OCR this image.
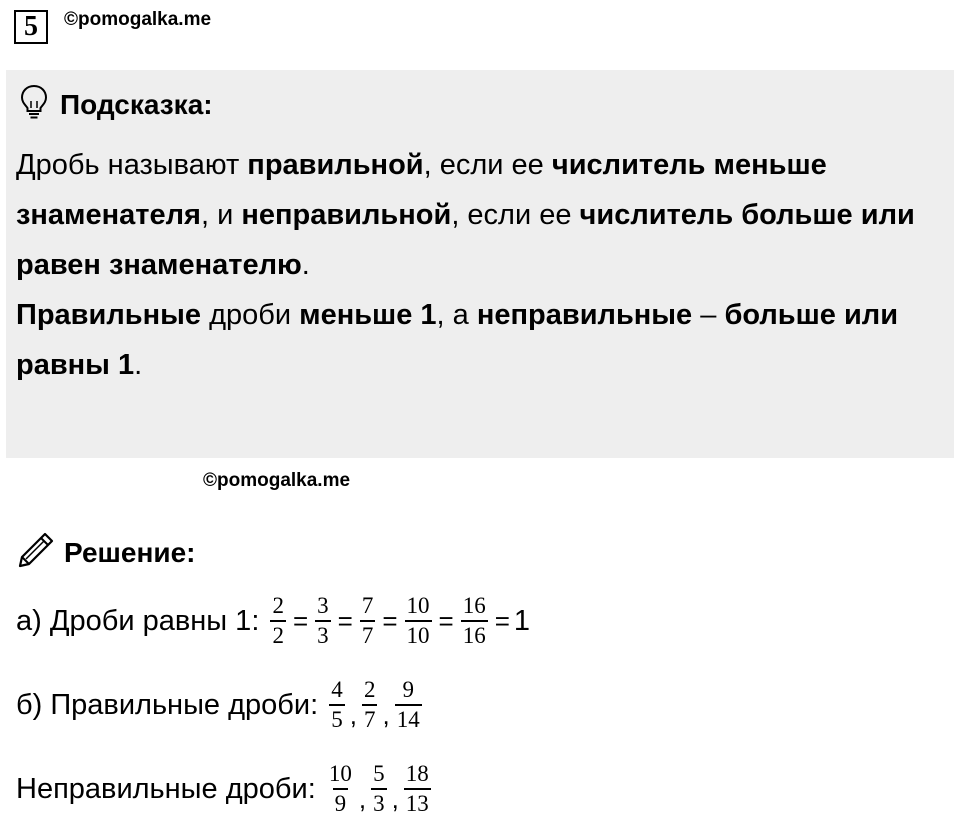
5 ©pomogalka.me
Подсказка:
Дробь называют правильной, если ее числитель меньше знаменателя, и неправильной, если ее числитель больше или равен знаменателю.
Правильные дроби меньше 1, а неправильные – больше или равны 1.
©pomogalka.me
Решение:
а) Дроби равны 1: $\frac{2}{2} = \frac{3}{3} = \frac{7}{7} = \frac{10}{10} = \frac{16}{16} = 1$
б) Правильные дроби: $\frac{4}{5}$ , $\frac{2}{7}$ , $\frac{9}{14}$
Неправильные дроби: $\frac{10}{9}$ , $\frac{5}{3}$ , $\frac{18}{13}$
